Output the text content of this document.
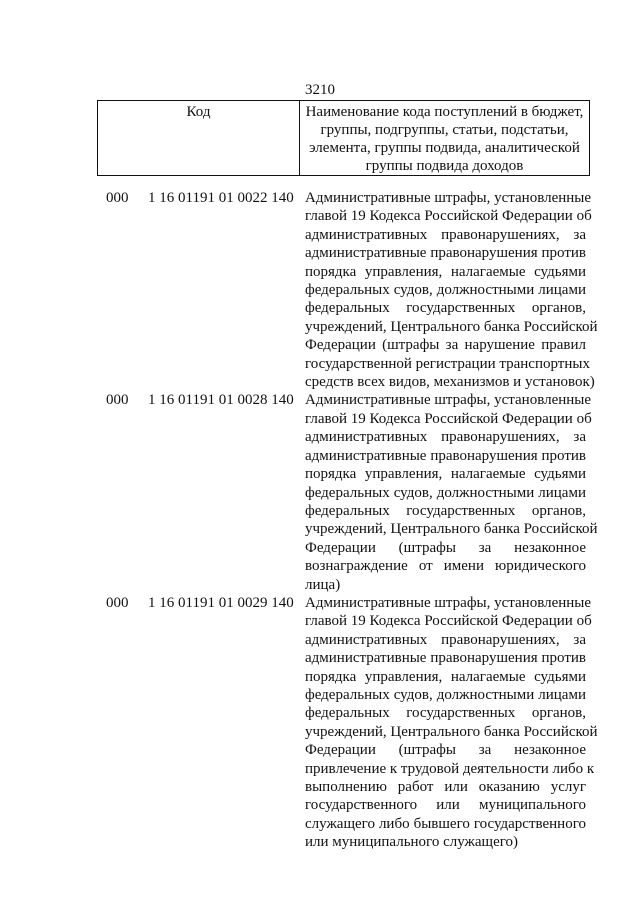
3210
Код	Наименование кода поступлений в бюджет, группы, подгруппы, статьи, подстатьи, элемента, группы подвида, аналитической группы подвида доходов
000 1 16 01191 01 0022 140 Административные штрафы, установленные
главой 19 Кодекса Российской Федерации об
административных правонарушениях, за
административные правонарушения против
порядка управления, налагаемые судьями
федеральных судов, должностными лицами
федеральных государственных органов,
учреждений, Центрального банка Российской
Федерации (штрафы за нарушение правил
государственной регистрации транспортных
средств всех видов, механизмов и установок)
000 1 16 01191 01 0028 140 Административные штрафы, установленные
главой 19 Кодекса Российской Федерации об
административных правонарушениях, за
административные правонарушения против
порядка управления, налагаемые судьями
федеральных судов, должностными лицами
федеральных государственных органов,
учреждений, Центрального банка Российской
Федерации (штрафы за незаконное
вознаграждение от имени юридического
лица)
000 1 16 01191 01 0029 140 Административные штрафы, установленные
главой 19 Кодекса Российской Федерации об
административных правонарушениях, за
административные правонарушения против
порядка управления, налагаемые судьями
федеральных судов, должностными лицами
федеральных государственных органов,
учреждений, Центрального банка Российской
Федерации (штрафы за незаконное
привлечение к трудовой деятельности либо к
выполнению работ или оказанию услуг
государственного или муниципального
служащего либо бывшего государственного
или муниципального служащего)
